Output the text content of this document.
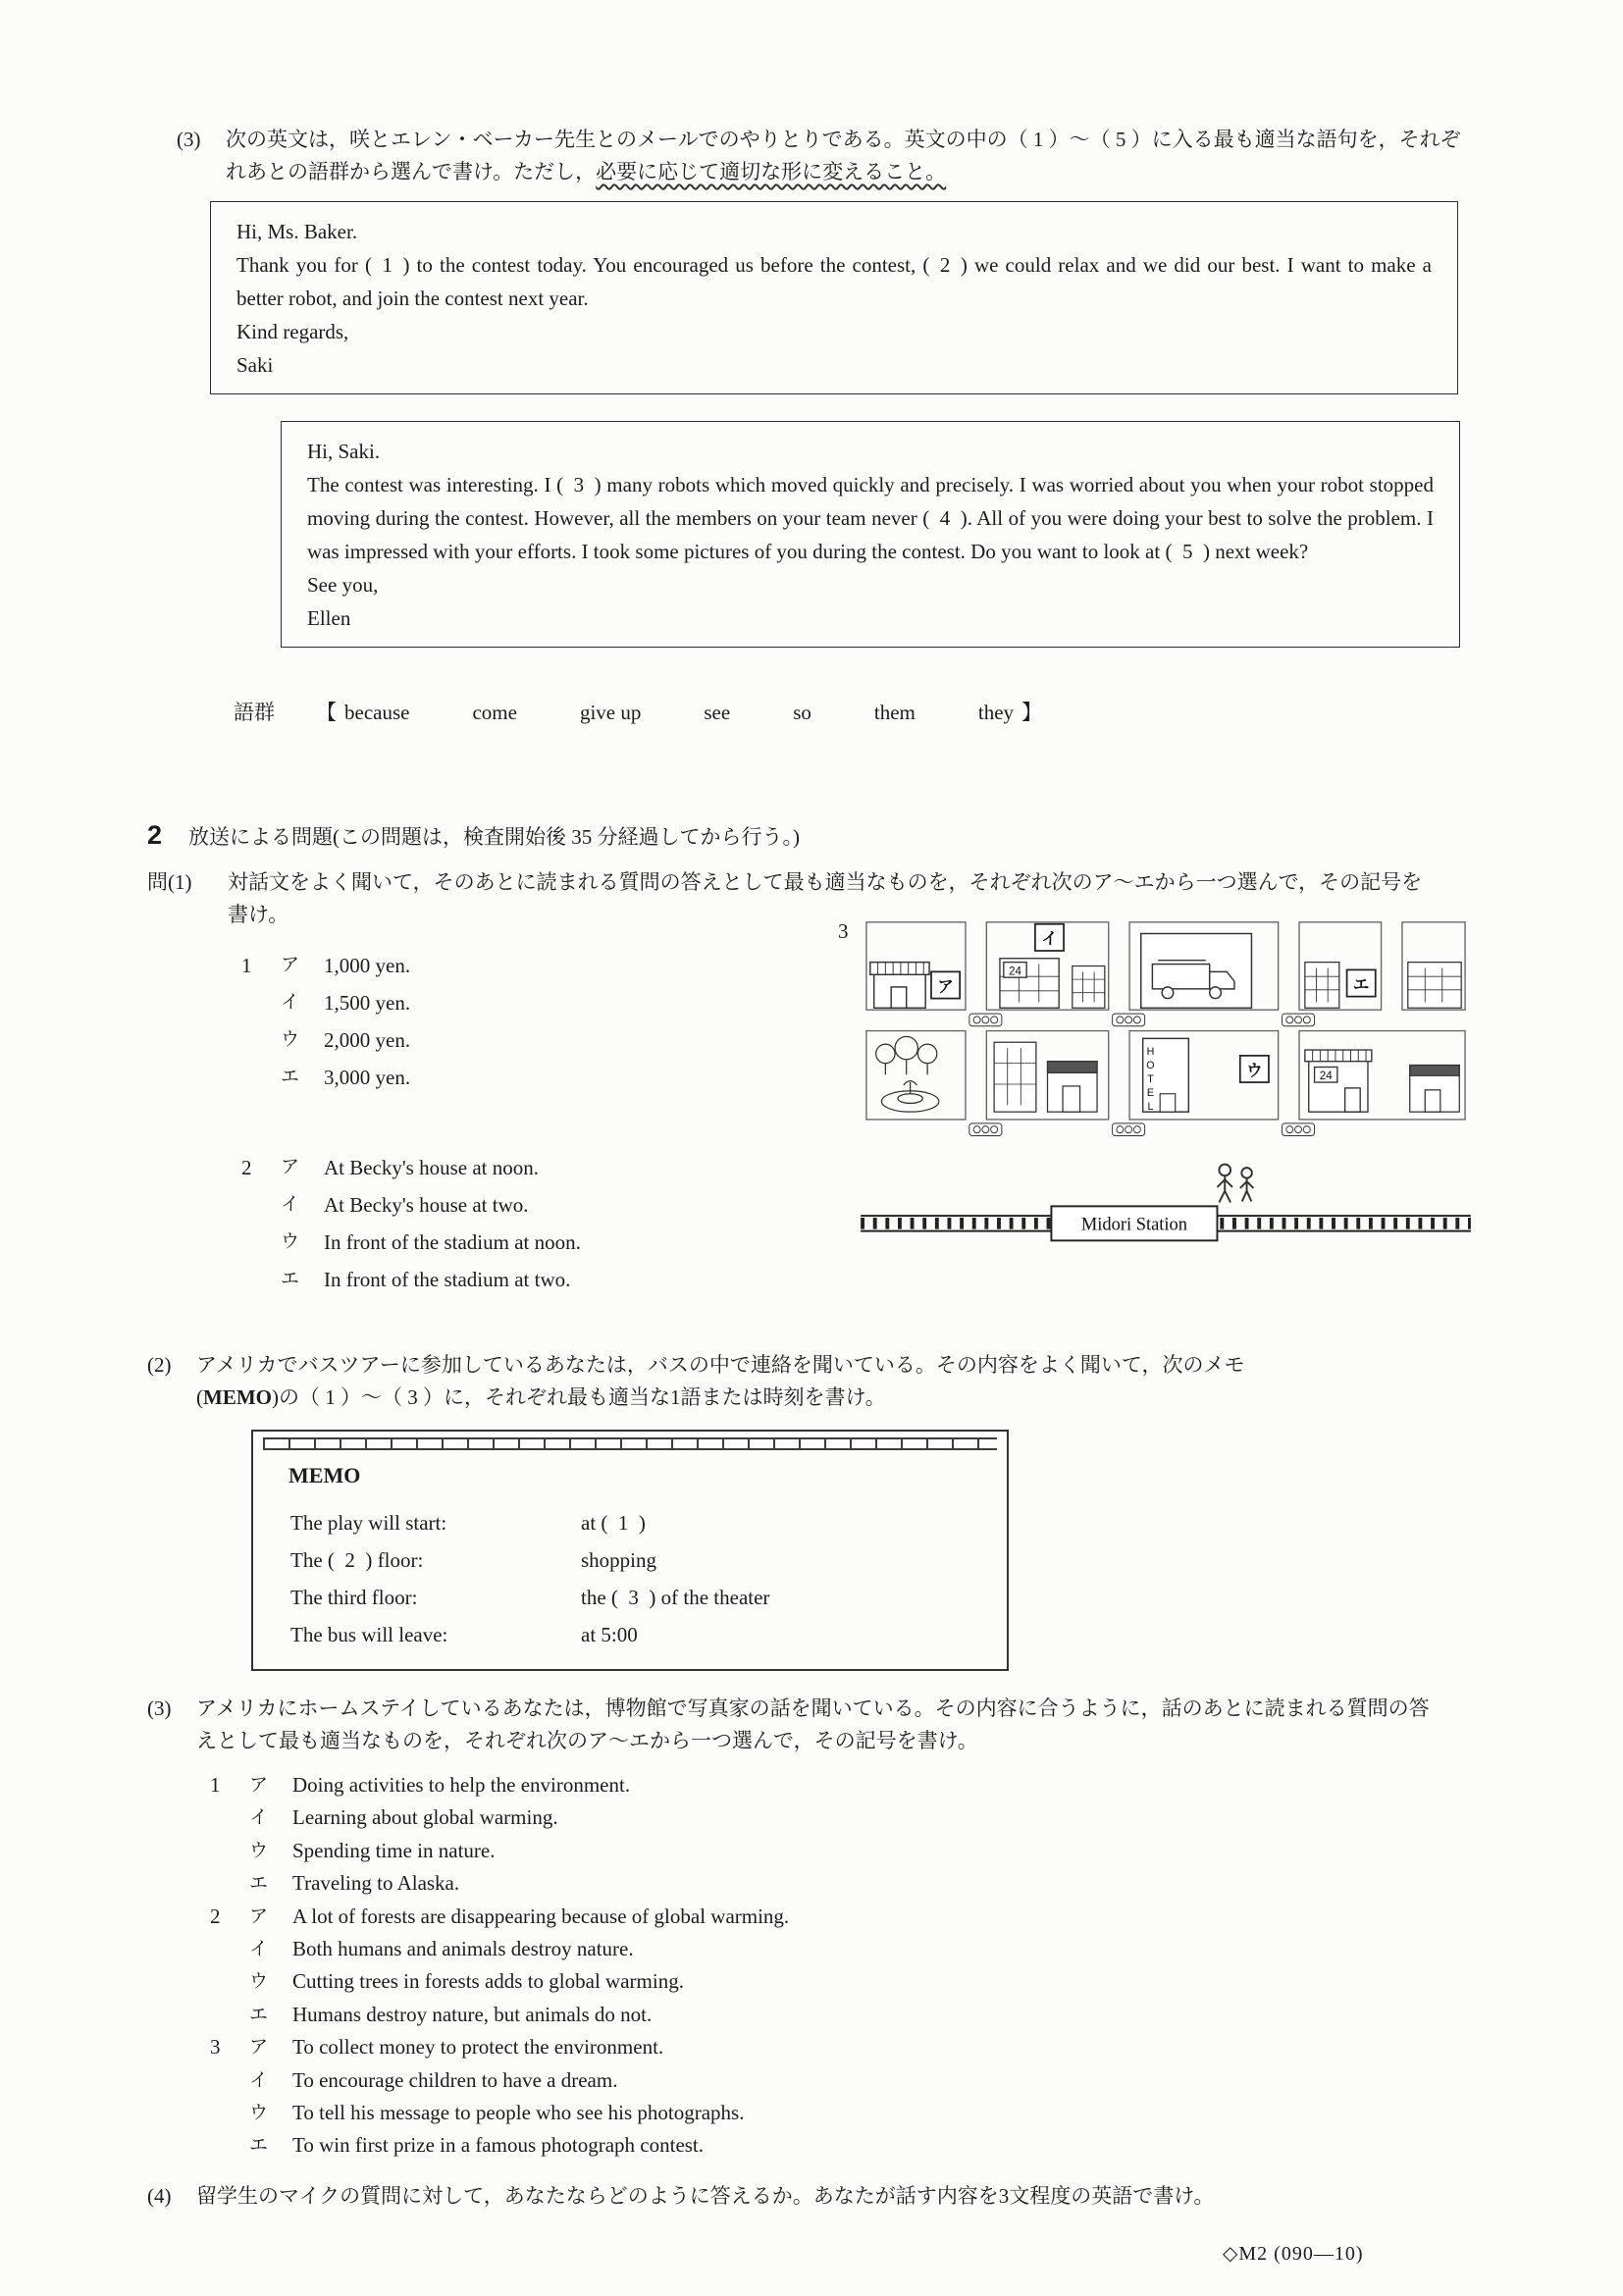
(3)	次の英文は，咲とエレン・ベーカー先生とのメールでのやりとりである。英文の中の（ 1 ）～（ 5 ）に入る最も適当な語句を，それぞれあとの語群から選んで書け。ただし，必要に応じて適切な形に変えること。

Hi, Ms. Baker.

Thank you for ( 1 ) to the contest today. You encouraged us before the contest, ( 2 ) we could relax and we did our best. I want to make a better robot, and join the contest next year.

Kind regards,

Saki

Hi, Saki.

The contest was interesting. I ( 3 ) many robots which moved quickly and precisely. I was worried about you when your robot stopped moving during the contest. However, all the members on your team never ( 4 ). All of you were doing your best to solve the problem. I was impressed with your efforts. I took some pictures of you during the contest. Do you want to look at ( 5 ) next week?

See you,

Ellen

語群 【 because	come	give up	see	so	them	they 】
2	放送による問題(この問題は，検査開始後 35 分経過してから行う。)
問(1)	対話文をよく聞いて，そのあとに読まれる質問の答えとして最も適当なものを，それぞれ次のア～エから一つ選んで，その記号を書け。

1	ア	1,000 yen.
イ	1,500 yen.
ウ	2,000 yen.
エ	3,000 yen.
2	ア	At Becky's house at noon.
イ	At Becky's house at two.
ウ	In front of the stadium at noon.
エ	In front of the stadium at two.
3
ア
イ
24
エ
HOTEL	ウ	24
Midori Station
(2)	アメリカでバスツアーに参加しているあなたは，バスの中で連絡を聞いている。その内容をよく聞いて，次のメモ
(MEMO)の（ 1 ）～（ 3 ）に，それぞれ最も適当な1語または時刻を書け。

MEMO
The play will start:	at ( 1 )
The ( 2 ) floor:	shopping
The third floor:	the ( 3 ) of the theater
The bus will leave:	at 5:00
(3)	アメリカにホームステイしているあなたは，博物館で写真家の話を聞いている。その内容に合うように，話のあとに読まれる質問の答えとして最も適当なものを，それぞれ次のア～エから一つ選んで，その記号を書け。

1	ア	Doing activities to help the environment.
イ	Learning about global warming.
ウ	Spending time in nature.
エ	Traveling to Alaska.
2	ア	A lot of forests are disappearing because of global warming.
イ	Both humans and animals destroy nature.
ウ	Cutting trees in forests adds to global warming.
エ	Humans destroy nature, but animals do not.
3	ア	To collect money to protect the environment.
イ	To encourage children to have a dream.
ウ	To tell his message to people who see his photographs.
エ	To win first prize in a famous photograph contest.
(4)	留学生のマイクの質問に対して，あなたならどのように答えるか。あなたが話す内容を3文程度の英語で書け。

◇M2 (090—10)
